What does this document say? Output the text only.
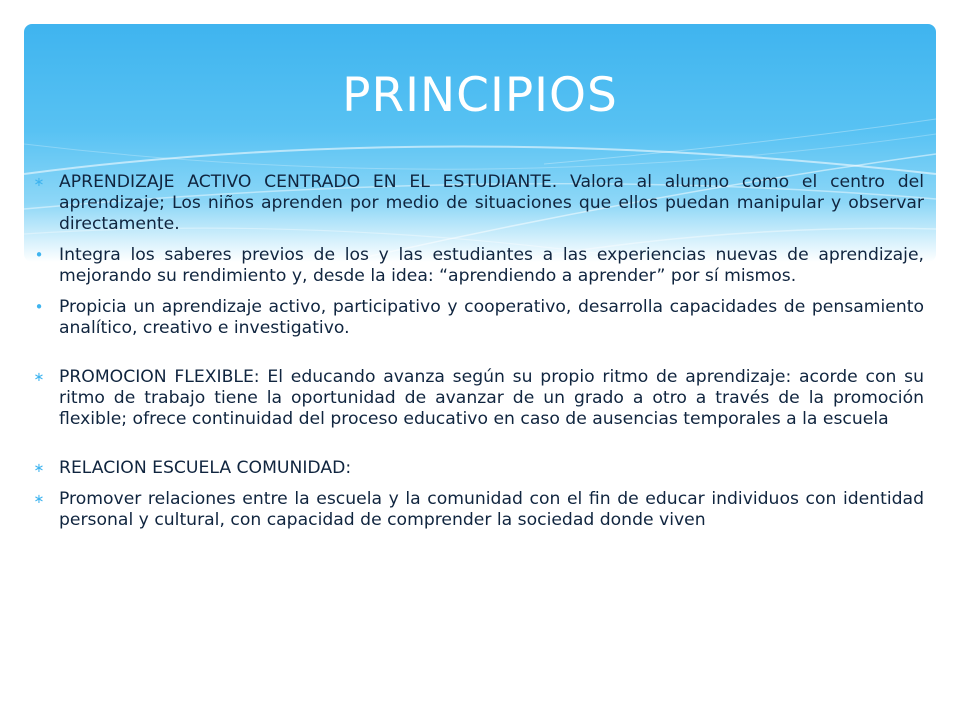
PRINCIPIOS

∗ APRENDIZAJE ACTIVO CENTRADO EN EL ESTUDIANTE. Valora al alumno como el centro del aprendizaje; Los niños aprenden por medio de situaciones que ellos puedan manipular y observar directamente.

• Integra los saberes previos de los y las estudiantes a las experiencias nuevas de aprendizaje, mejorando su rendimiento y, desde la idea: “aprendiendo a aprender” por sí mismos.

• Propicia un aprendizaje activo, participativo y cooperativo, desarrolla capacidades de pensamiento analítico, creativo e investigativo.

∗ PROMOCION FLEXIBLE: El educando avanza según su propio ritmo de aprendizaje: acorde con su ritmo de trabajo tiene la oportunidad de avanzar de un grado a otro a través de la promoción flexible; ofrece continuidad del proceso educativo en caso de ausencias temporales a la escuela

∗ RELACION ESCUELA COMUNIDAD:

∗ Promover relaciones entre la escuela y la comunidad con el fin de educar individuos con identidad personal y cultural, con capacidad de comprender la sociedad donde viven
